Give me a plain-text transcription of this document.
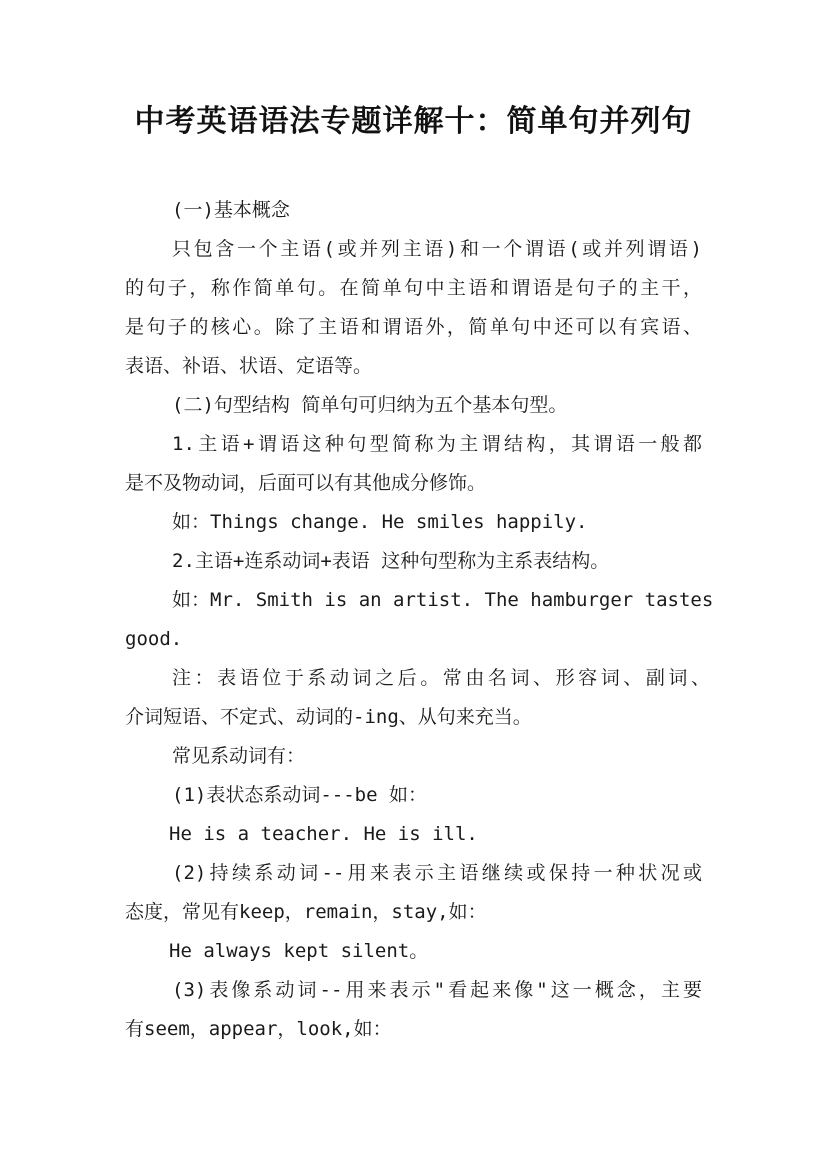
中考英语语法专题详解十：简单句并列句

(一)基本概念

只包含一个主语(或并列主语)和一个谓语(或并列谓语)

的句子，称作简单句。在简单句中主语和谓语是句子的主干，

是句子的核心。除了主语和谓语外，简单句中还可以有宾语、

表语、补语、状语、定语等。

(二)句型结构 简单句可归纳为五个基本句型。

1.主语+谓语这种句型简称为主谓结构，其谓语一般都

是不及物动词，后面可以有其他成分修饰。

如：Things change. He smiles happily.

2.主语+连系动词+表语 这种句型称为主系表结构。

如：Mr. Smith is an artist. The hamburger tastes

good.

注：表语位于系动词之后。常由名词、形容词、副词、

介词短语、不定式、动词的-ing、从句来充当。

常见系动词有：

(1)表状态系动词---be 如：

He is a teacher. He is ill.

(2)持续系动词--用来表示主语继续或保持一种状况或

态度，常见有keep，remain，stay,如：

He always kept silent。

(3)表像系动词--用来表示"看起来像"这一概念，主要

有seem，appear，look,如：
